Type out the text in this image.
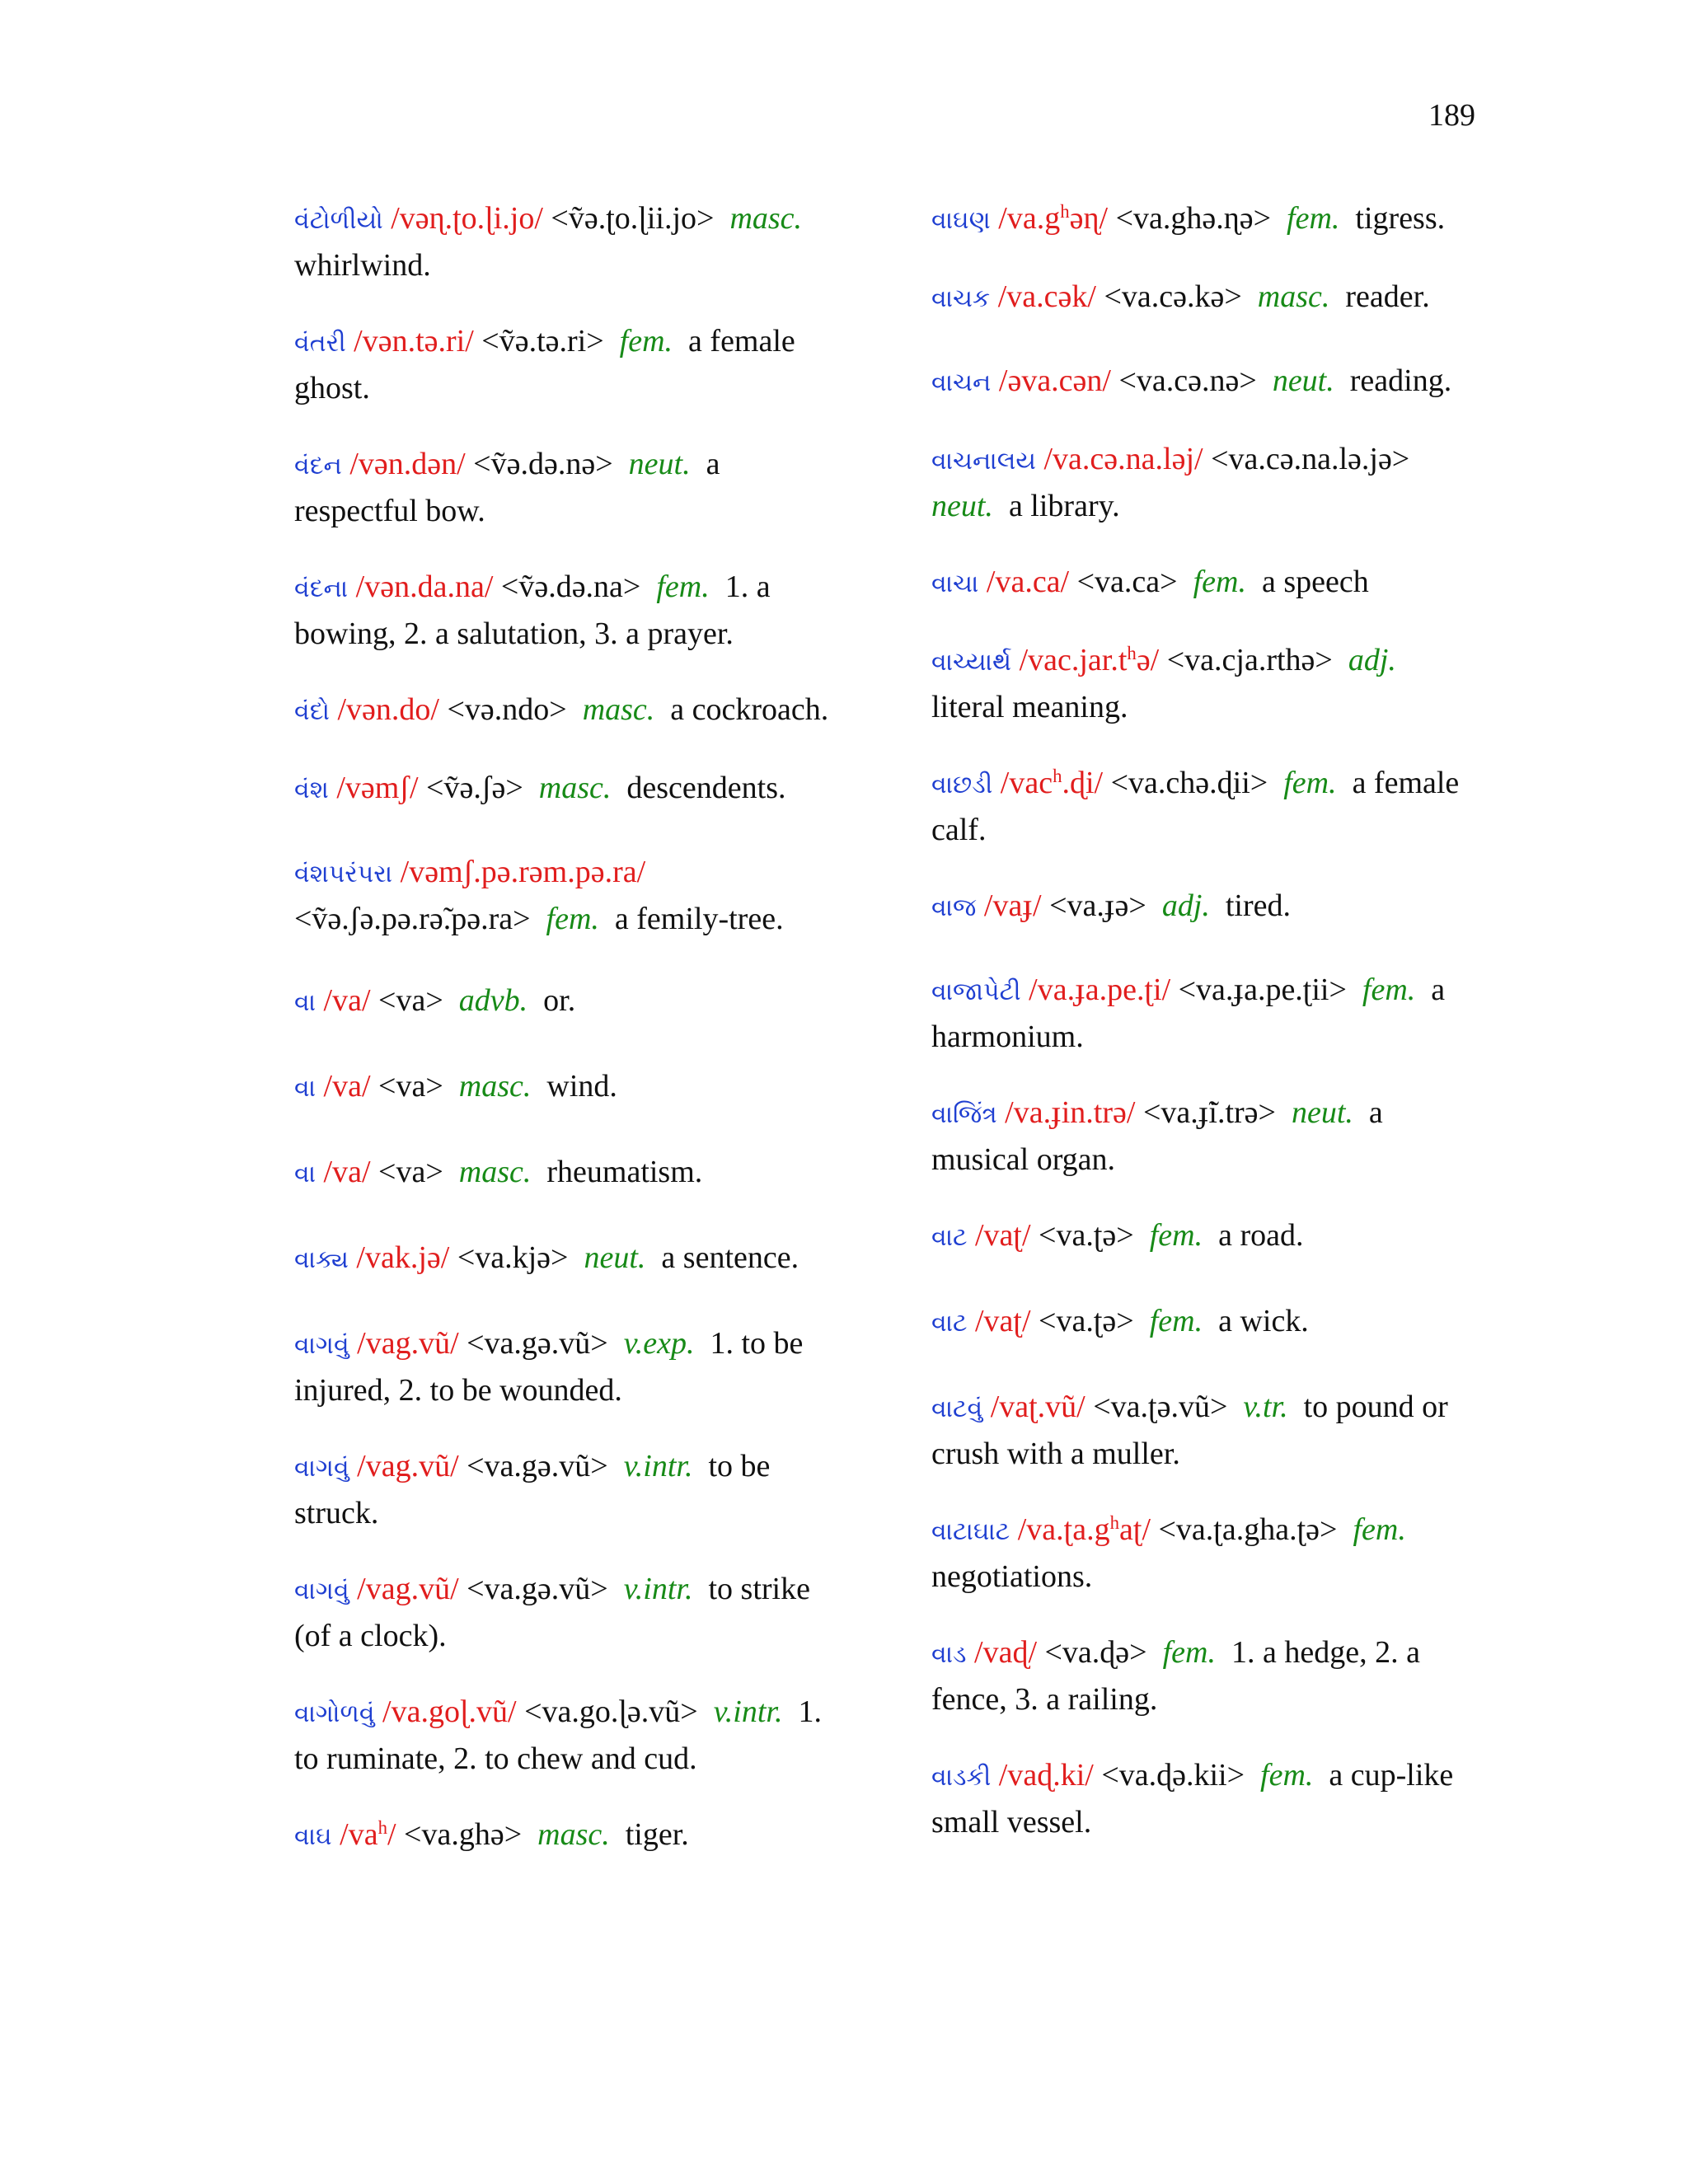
189

વંટોળીયો /vəɳ.ʈo.ɭi.jo/ <ṽə.ʈo.ɭii.jo> masc.  whirlwind.

વંતરી /vən.tə.ri/ <ṽə.tə.ri> fem. a female ghost.

વંદન /vən.dən/ <ṽə.də.nə> neut. a respectful bow.

વંદના /vən.da.na/ <ṽə.də.na> fem. 1. a bowing, 2. a salutation, 3. a prayer.

વંદો /vən.do/ <və.ndo> masc. a cockroach.

વંશ /vəmʃ/ <ṽə.ʃə> masc. descendents.

વંશપરંપરા /vəmʃ.pə.rəm.pə.ra/ <ṽə.ʃə.pə.rə̃.pə.ra> fem. a femily-tree.

વા /va/ <va> advb. or.

વા /va/ <va> masc. wind.

વા /va/ <va> masc. rheumatism.

વાક્ય /vak.jə/ <va.kjə> neut. a sentence.

વાગવું /vag.vũ/ <va.gə.vũ> v.exp. 1. to be injured, 2. to be wounded.

વાગવું /vag.vũ/ <va.gə.vũ> v.intr. to be struck.

વાગવું /vag.vũ/ <va.gə.vũ> v.intr. to strike (of a clock).

વાગોળવું /va.goɭ.vũ/ <va.go.ɭə.vũ> v.intr. 1. to ruminate, 2. to chew and cud.

વાઘ $/va^h/$ <va.ghə> masc. tiger.

વાઘણ $/va.g^həɳ/$ <va.ghə.ɳə> fem. tigress.

વાચક /va.cək/ <va.cə.kə> masc. reader.

વાચન /əva.cən/ <va.cə.nə> neut. reading.

વાચનાલય /va.cə.na.ləj/ <va.cə.na.lə.jə>  neut. a library.

વાચા /va.ca/ <va.ca> fem. a speech

વાચ્યાર્થ $/vac.jar.t^hə/$ <va.cja.rthə> adj.  literal meaning.

વાછડી /vac$^h$.ɖi/ <va.chə.ɖii> fem. a female calf.

વાજ /vaɟ/ <va.ɟə> adj. tired.

વાજાપેટી /va.ɟa.pe.ʈi/ <va.ɟa.pe.ʈii> fem. a harmonium.

વાજિંત્ર /va.ɟin.trə/ <va.ɟ̃i.trə> neut. a musical organ.

વાટ /vaʈ/ <va.ʈə> fem. a road.

વાટ /vaʈ/ <va.ʈə> fem. a wick.

વાટવું /vaʈ.vũ/ <va.ʈə.vũ> v.tr. to pound or crush with a muller.

વાટાઘાટ $/va.ʈa.g^haʈ/$ <va.ʈa.gha.ʈə> fem.  negotiations.

વાડ /vaɖ/ <va.ɖə> fem. 1. a hedge, 2. a fence, 3. a railing.

વાડકી /vaɖ.ki/ <va.ɖə.kii> fem. a cup-like small vessel.
